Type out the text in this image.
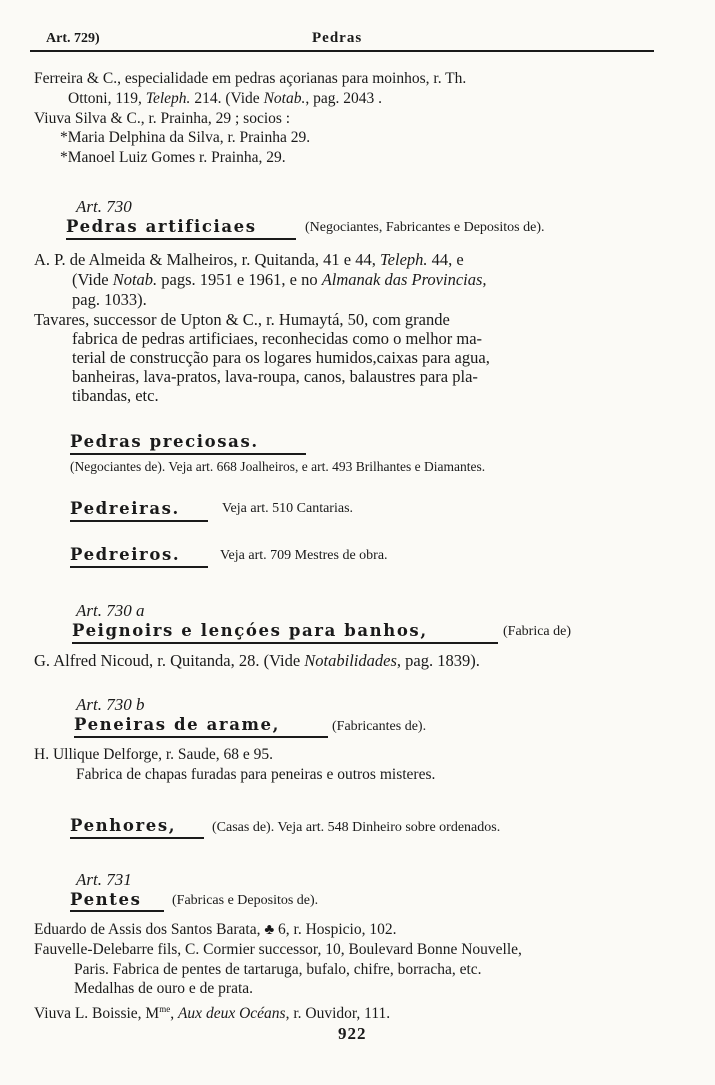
Art. 729)	Pedras
Ferreira & C., especialidade em pedras açorianas para moinhos, r. Th.
Ottoni, 119, Teleph. 214. (Vide Notab., pag. 2043 .
Viuva Silva & C., r. Prainha, 29 ; socios :
*Maria Delphina da Silva, r. Prainha 29.
*Manoel Luiz Gomes r. Prainha, 29.
Art. 730
Pedras artificiaes	(Negociantes, Fabricantes e Depositos de).
A. P. de Almeida & Malheiros, r. Quitanda, 41 e 44, Teleph. 44, e
(Vide Notab. pags. 1951 e 1961, e no Almanak das Provincias,
pag. 1033).
Tavares, successor de Upton & C., r. Humaytá, 50, com grande
fabrica de pedras artificiaes, reconhecidas como o melhor ma-
terial de construcção para os logares humidos,caixas para agua,
banheiras, lava-pratos, lava-roupa, canos, balaustres para pla-
tibandas, etc.
Pedras preciosas.
(Negociantes de). Veja art. 668 Joalheiros, e art. 493 Brilhantes e Diamantes.
Pedreiras.	Veja art. 510 Cantarias.
Pedreiros.	Veja art. 709 Mestres de obra.
Art. 730 a
Peignoirs e lençóes para banhos,	(Fabrica de)
G. Alfred Nicoud, r. Quitanda, 28. (Vide Notabilidades, pag. 1839).
Art. 730 b
Peneiras de arame,	(Fabricantes de).
H. Ullique Delforge, r. Saude, 68 e 95.
Fabrica de chapas furadas para peneiras e outros misteres.
Penhores,	(Casas de). Veja art. 548 Dinheiro sobre ordenados.
Art. 731
Pentes (Fabricas e Depositos de).
Eduardo de Assis dos Santos Barata, ♣ 6, r. Hospicio, 102.
Fauvelle-Delebarre fils, C. Cormier successor, 10, Boulevard Bonne Nouvelle,
Paris. Fabrica de pentes de tartaruga, bufalo, chifre, borracha, etc.
Medalhas de ouro e de prata.
Viuva L. Boissie, $M^{me}$, Aux deux Océans, r. Ouvidor, 111.
922
